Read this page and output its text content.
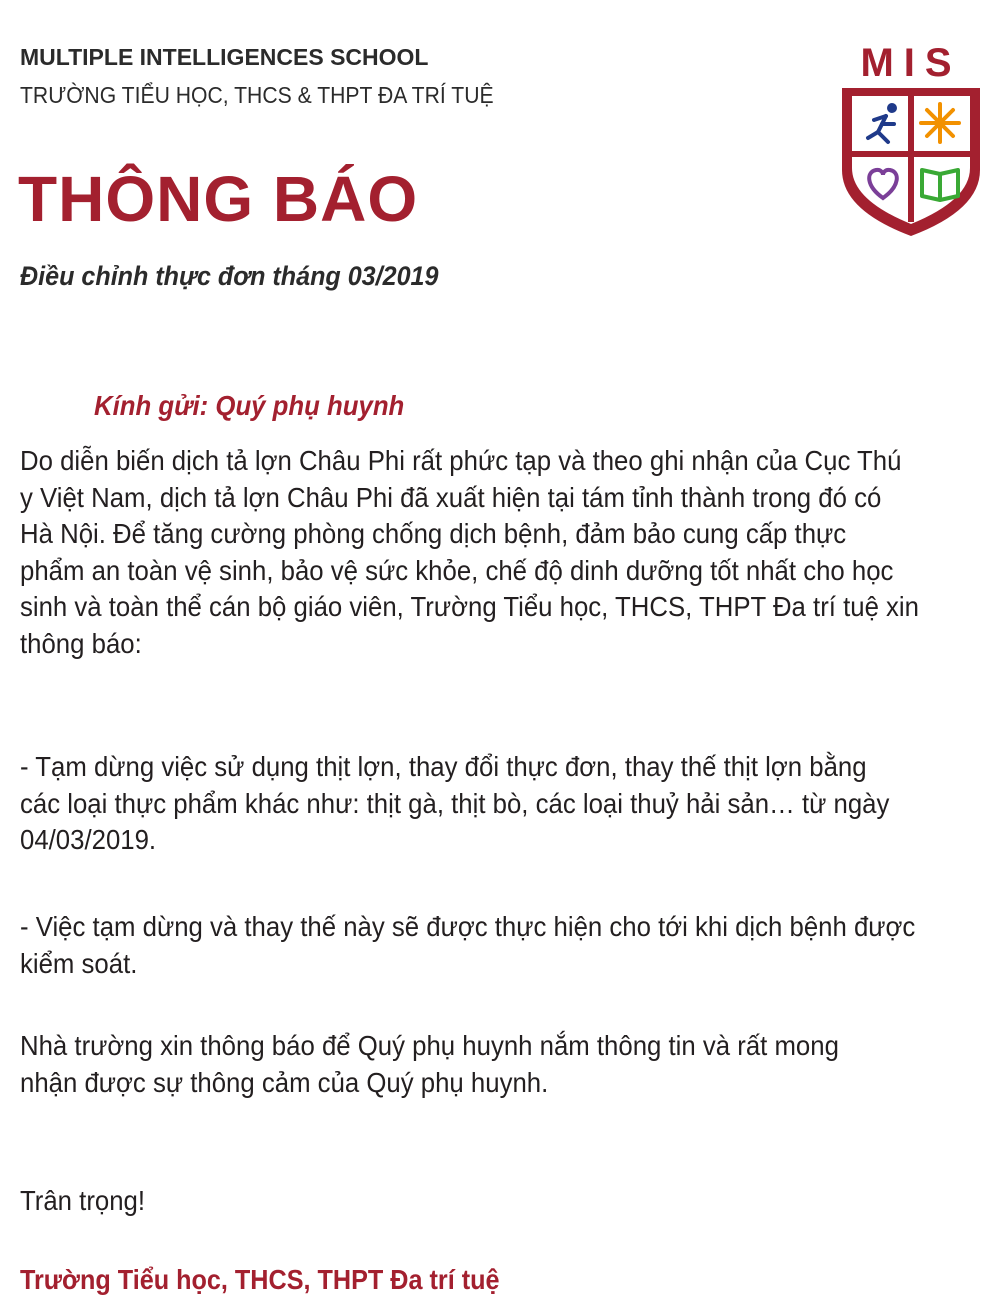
MULTIPLE INTELLIGENCES SCHOOL
TRƯỜNG TIỂU HỌC, THCS & THPT ĐA TRÍ TUỆ
MIS
THÔNG BÁO
Điều chỉnh thực đơn tháng 03/2019
Kính gửi: Quý phụ huynh
Do diễn biến dịch tả lợn Châu Phi rất phức tạp và theo ghi nhận của Cục Thú
y Việt Nam, dịch tả lợn Châu Phi đã xuất hiện tại tám tỉnh thành trong đó có
Hà Nội. Để tăng cường phòng chống dịch bệnh, đảm bảo cung cấp thực
phẩm an toàn vệ sinh, bảo vệ sức khỏe, chế độ dinh dưỡng tốt nhất cho học
sinh và toàn thể cán bộ giáo viên, Trường Tiểu học, THCS, THPT Đa trí tuệ xin
thông báo:
- Tạm dừng việc sử dụng thịt lợn, thay đổi thực đơn, thay thế thịt lợn bằng
các loại thực phẩm khác như: thịt gà, thịt bò, các loại thuỷ hải sản… từ ngày
04/03/2019.
- Việc tạm dừng và thay thế này sẽ được thực hiện cho tới khi dịch bệnh được
kiểm soát.
Nhà trường xin thông báo để Quý phụ huynh nắm thông tin và rất mong
nhận được sự thông cảm của Quý phụ huynh.
Trân trọng!
Trường Tiểu học, THCS, THPT Đa trí tuệ
